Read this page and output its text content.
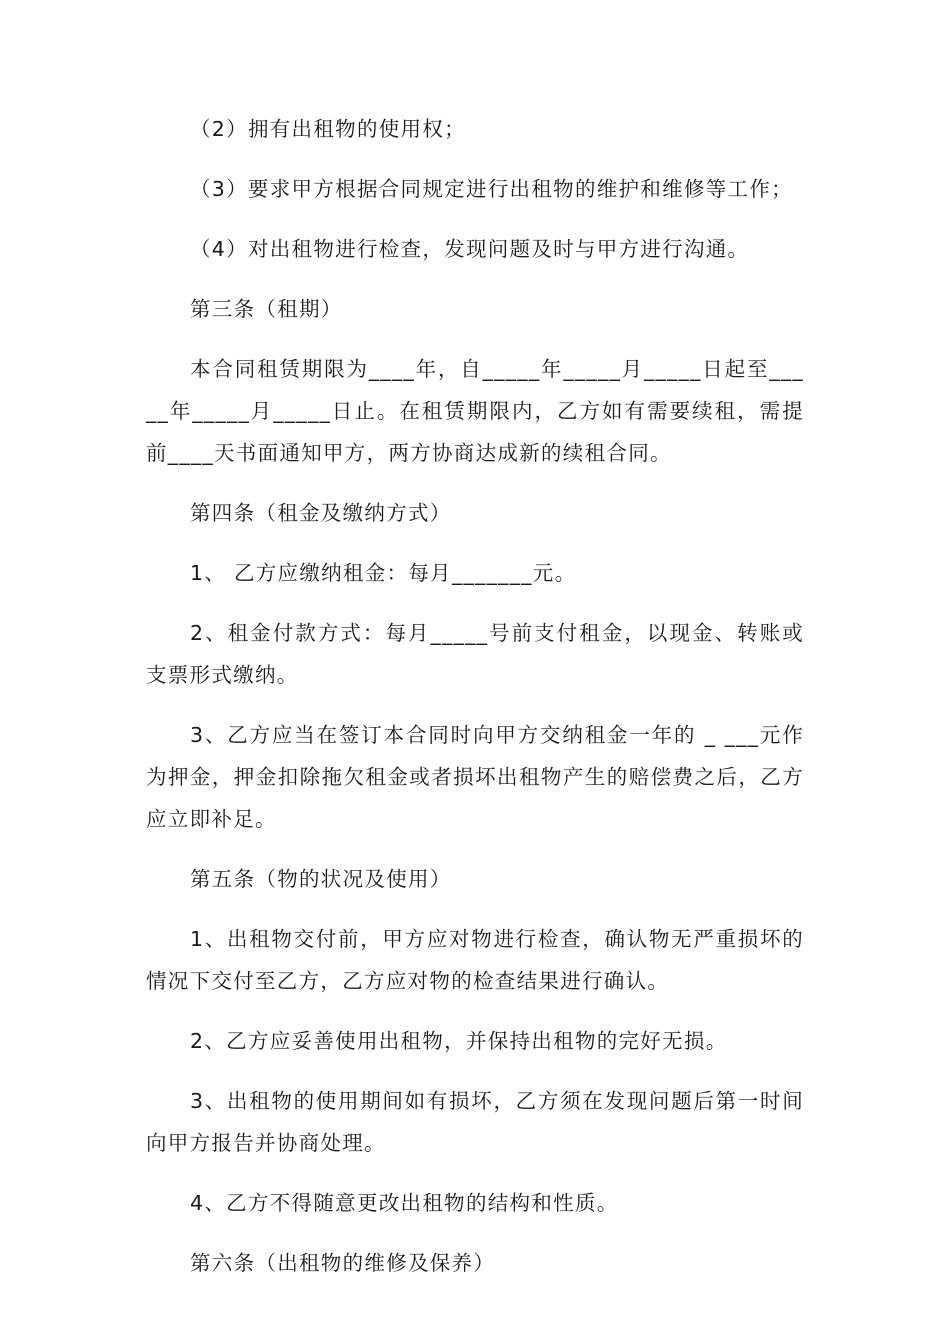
（2）拥有出租物的使用权；

（3）要求甲方根据合同规定进行出租物的维护和维修等工作；

（4）对出租物进行检查，发现问题及时与甲方进行沟通。

第三条（租期）

本合同租赁期限为____年，自_____年_____月_____日起至_____年_____月_____日止。在租赁期限内，乙方如有需要续租，需提前____天书面通知甲方，两方协商达成新的续租合同。

第四条（租金及缴纳方式）

1、 乙方应缴纳租金：每月_______元。

2、租金付款方式：每月_____号前支付租金，以现金、转账或支票形式缴纳。

3、乙方应当在签订本合同时向甲方交纳租金一年的 _ ___元作为押金，押金扣除拖欠租金或者损坏出租物产生的赔偿费之后，乙方应立即补足。

第五条（物的状况及使用）

1、出租物交付前，甲方应对物进行检查，确认物无严重损坏的情况下交付至乙方，乙方应对物的检查结果进行确认。

2、乙方应妥善使用出租物，并保持出租物的完好无损。

3、出租物的使用期间如有损坏，乙方须在发现问题后第一时间向甲方报告并协商处理。

4、乙方不得随意更改出租物的结构和性质。

第六条（出租物的维修及保养）
